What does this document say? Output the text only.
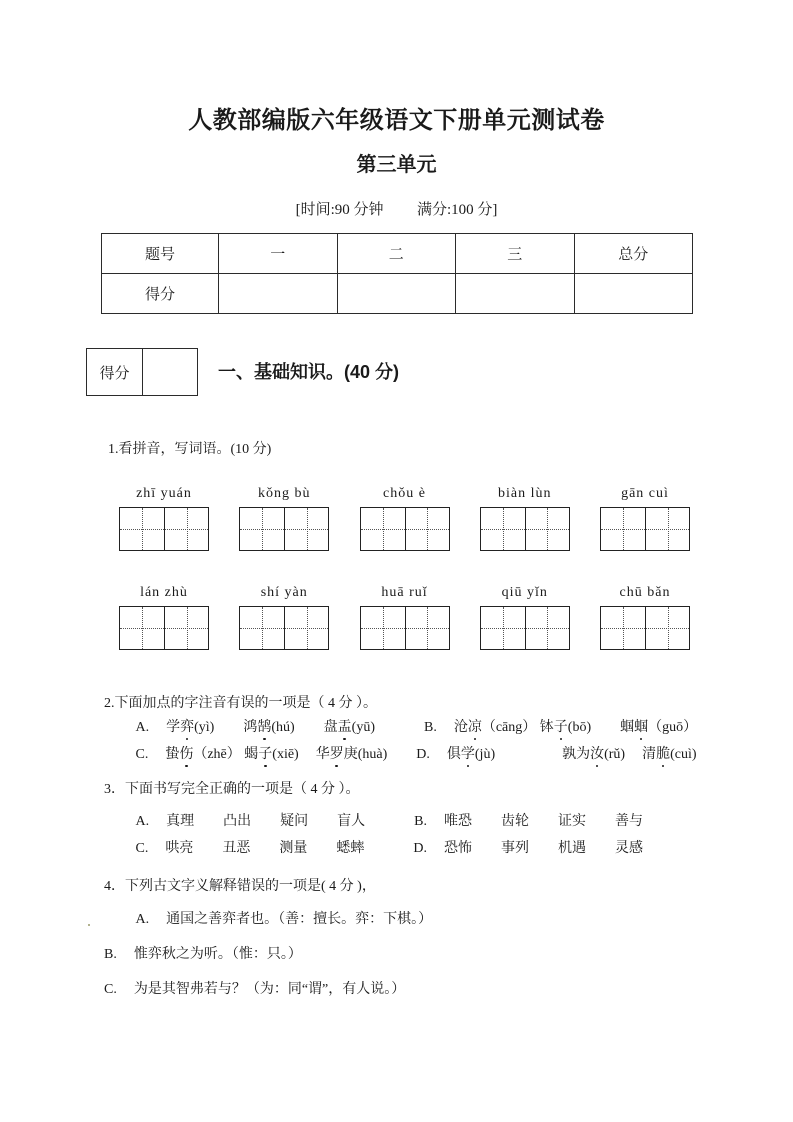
人教部编版六年级语文下册单元测试卷
第三单元
[时间:90 分钟 满分:100 分]
题号	一	二	三	总分
得分				
得分	一、基础知识。(40 分)
1.看拼音，写词语。(10 分)
zhī yuán	kǒng bù	chǒu è	biàn lùn	gān cuì
lán zhù	shí yàn	huā ruǐ	qiū yǐn	chū bǎn
2.下面加点的字注音有误的一项是（ 4 分 ）。
A. 学弈(yì) 鸿鹄(hú) 盘盂(yū)	B. 沧凉（cāng） 钵子(bō) 蝈蝈（guō）
C. 蛰伤（zhē） 蝎子(xiē) 华罗庚(huà) D. 俱学(jù)	孰为汝(rǔ) 清脆(cuì)
3．下面书写完全正确的一项是（ 4 分 ）。
A. 真理 凸出 疑问 盲人	B. 唯恐 齿轮 证实 善与
C. 哄亮 丑恶 测量 蟋蟀	D. 恐怖 事列 机遇 灵感
4．下列古文字义解释错误的一项是( 4 分 )，
A. 通国之善弈者也。（善：擅长。弈：下棋。）
B. 惟弈秋之为听。（惟：只。）
C. 为是其智弗若与？（为：同“谓”，有人说。）
